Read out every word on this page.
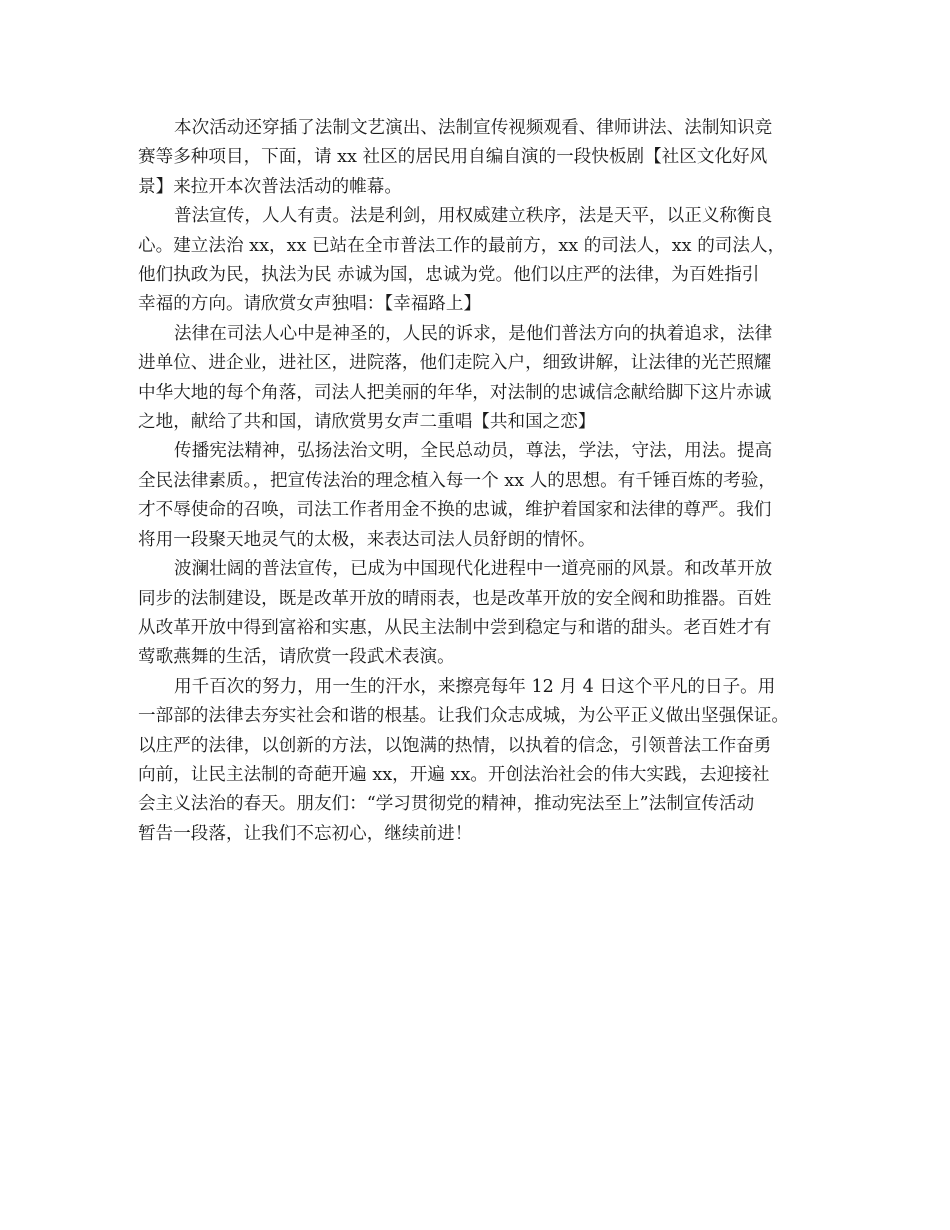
本次活动还穿插了法制文艺演出、法制宣传视频观看、律师讲法、法制知识竞
赛等多种项目，下面，请 xx 社区的居民用自编自演的一段快板剧【社区文化好风
景】来拉开本次普法活动的帷幕。

普法宣传，人人有责。法是利剑，用权威建立秩序，法是天平，以正义称衡良
心。建立法治 xx，xx 已站在全市普法工作的最前方，xx 的司法人，xx 的司法人，
他们执政为民，执法为民 赤诚为国，忠诚为党。他们以庄严的法律，为百姓指引
幸福的方向。请欣赏女声独唱：【幸福路上】

法律在司法人心中是神圣的，人民的诉求，是他们普法方向的执着追求，法律
进单位、进企业，进社区，进院落，他们走院入户，细致讲解，让法律的光芒照耀
中华大地的每个角落，司法人把美丽的年华，对法制的忠诚信念献给脚下这片赤诚
之地，献给了共和国，请欣赏男女声二重唱【共和国之恋】

传播宪法精神，弘扬法治文明，全民总动员，尊法，学法，守法，用法。提高
全民法律素质。，把宣传法治的理念植入每一个 xx 人的思想。有千锤百炼的考验，
才不辱使命的召唤，司法工作者用金不换的忠诚，维护着国家和法律的尊严。我们
将用一段聚天地灵气的太极，来表达司法人员舒朗的情怀。

波澜壮阔的普法宣传，已成为中国现代化进程中一道亮丽的风景。和改革开放
同步的法制建设，既是改革开放的晴雨表，也是改革开放的安全阀和助推器。百姓
从改革开放中得到富裕和实惠，从民主法制中尝到稳定与和谐的甜头。老百姓才有
莺歌燕舞的生活，请欣赏一段武术表演。

用千百次的努力，用一生的汗水，来擦亮每年 12 月 4 日这个平凡的日子。用
一部部的法律去夯实社会和谐的根基。让我们众志成城，为公平正义做出坚强保证。
以庄严的法律，以创新的方法，以饱满的热情，以执着的信念，引领普法工作奋勇
向前，让民主法制的奇葩开遍 xx，开遍 xx。开创法治社会的伟大实践，去迎接社
会主义法治的春天。朋友们：“学习贯彻党的精神，推动宪法至上”法制宣传活动
暂告一段落，让我们不忘初心，继续前进！
